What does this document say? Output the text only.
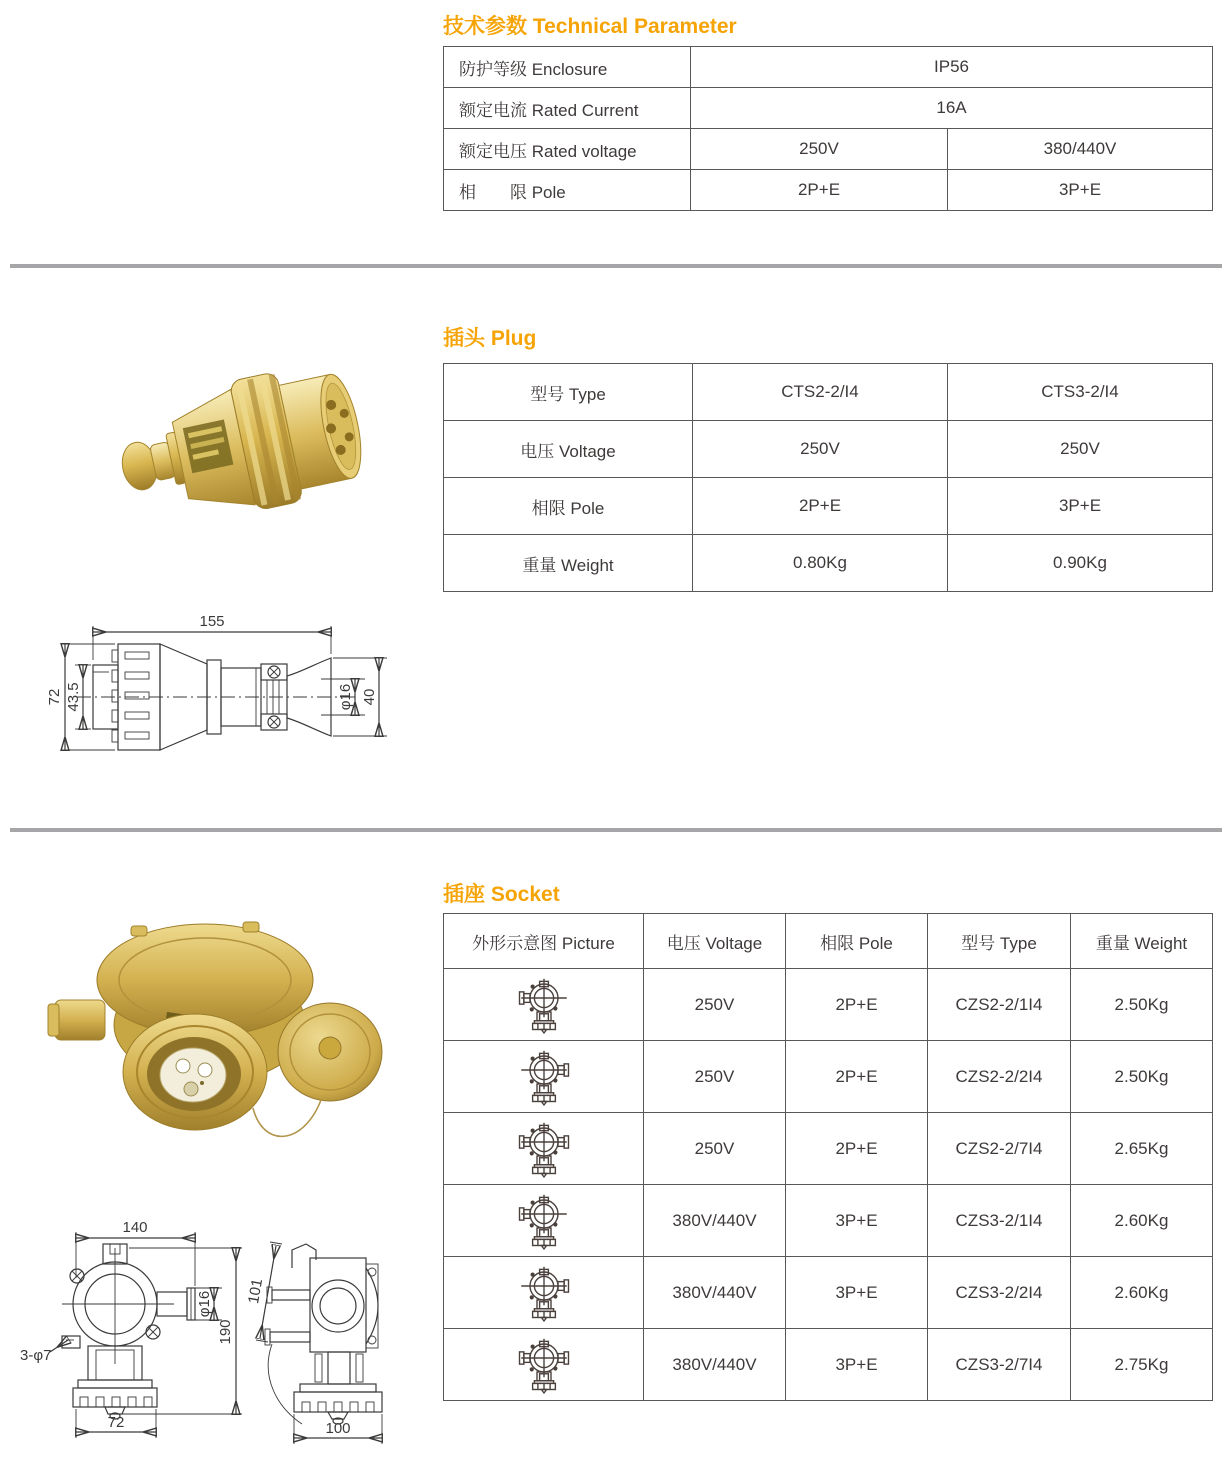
技术参数 Technical Parameter
防护等级 Enclosure	IP56	
额定电流 Rated Current	16A	
额定电压 Rated voltage	250V	380/440V
相　　限 Pole	2P+E	3P+E
插头 Plug
型号 Type	CTS2-2/I4	CTS3-2/I4
电压 Voltage	250V	250V
相限 Pole	2P+E	3P+E
重量 Weight	0.80Kg	0.90Kg
155
72 43.5	φ16 40
插座 Socket
外形示意图 Picture	电压 Voltage	相限 Pole	型号 Type	重量 Weight

	250V	2P+E	CZS2-2/1I4	2.50Kg

	250V	2P+E	CZS2-2/2I4	2.50Kg

	250V	2P+E	CZS2-2/7I4	2.65Kg

	380V/440V	3P+E	CZS3-2/1I4	2.60Kg

	380V/440V	3P+E	CZS3-2/2I4	2.60Kg

	380V/440V	3P+E	CZS3-2/7I4	2.75Kg
140
φ16
190
3-φ7
72
101
100
